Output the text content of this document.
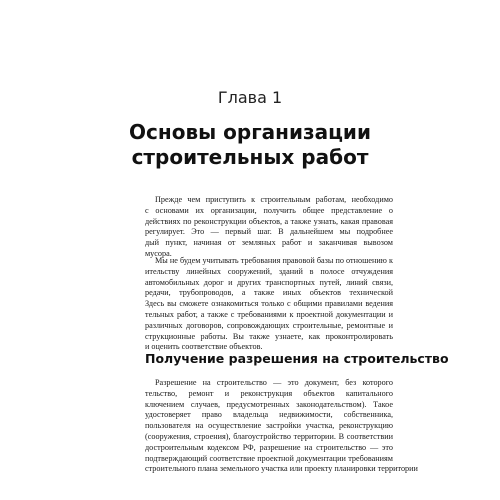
Глава 1
Основы организации
строительных работ
Прежде чем приступить к строительным работам, необходимо
с основами их организации, получить общее представление о
действиях по реконструкции объектов, а также узнать, какая правовая
регулирует. Это — первый шаг. В дальнейшем мы подробнее
дый пункт, начиная от земляных работ и заканчивая вывозом
мусора.
Мы не будем учитывать требования правовой базы по отношению к
ительству линейных сооружений, зданий в полосе отчуждения
автомобильных дорог и других транспортных путей, линий связи,
редачи, трубопроводов, а также иных объектов технической
Здесь вы сможете ознакомиться только с общими правилами ведения
тельных работ, а также с требованиями к проектной документации и
различных договоров, сопровождающих строительные, ремонтные и
струкционные работы. Вы также узнаете, как проконтролировать
и оценить соответствие объектов.
Получение разрешения на строительство
Разрешение на строительство — это документ, без которого
тельство, ремонт и реконструкция объектов капитального
ключением случаев, предусмотренных законодательством). Такое
удостоверяет право владельца недвижимости, собственника,
пользователя на осуществление застройки участка, реконструкцию
(сооружения, строения), благоустройство территории. В соответствии
достроительным кодексом РФ, разрешение на строительство — это
подтверждающий соответствие проектной документации требованиям
строительного плана земельного участка или проекту планировки территории
